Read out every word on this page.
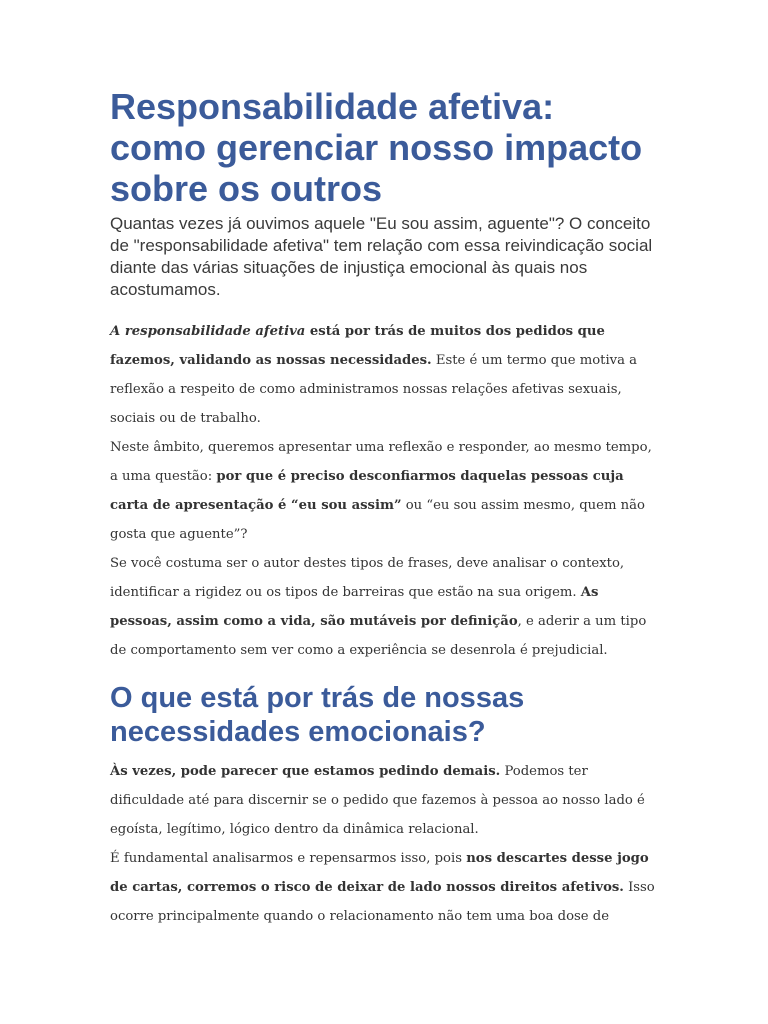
Responsabilidade afetiva: como gerenciar nosso impacto sobre os outros

Quantas vezes já ouvimos aquele "Eu sou assim, aguente"? O conceito de "responsabilidade afetiva" tem relação com essa reivindicação social diante das várias situações de injustiça emocional às quais nos acostumamos.

A responsabilidade afetiva está por trás de muitos dos pedidos que fazemos, validando as nossas necessidades. Este é um termo que motiva a reflexão a respeito de como administramos nossas relações afetivas sexuais, sociais ou de trabalho.

Neste âmbito, queremos apresentar uma reflexão e responder, ao mesmo tempo, a uma questão: por que é preciso desconfiarmos daquelas pessoas cuja carta de apresentação é “eu sou assim” ou “eu sou assim mesmo, quem não gosta que aguente”?

Se você costuma ser o autor destes tipos de frases, deve analisar o contexto, identificar a rigidez ou os tipos de barreiras que estão na sua origem. As pessoas, assim como a vida, são mutáveis por definição, e aderir a um tipo de comportamento sem ver como a experiência se desenrola é prejudicial.

O que está por trás de nossas necessidades emocionais?

Às vezes, pode parecer que estamos pedindo demais. Podemos ter dificuldade até para discernir se o pedido que fazemos à pessoa ao nosso lado é egoísta, legítimo, lógico dentro da dinâmica relacional.

É fundamental analisarmos e repensarmos isso, pois nos descartes desse jogo de cartas, corremos o risco de deixar de lado nossos direitos afetivos. Isso ocorre principalmente quando o relacionamento não tem uma boa dose de
